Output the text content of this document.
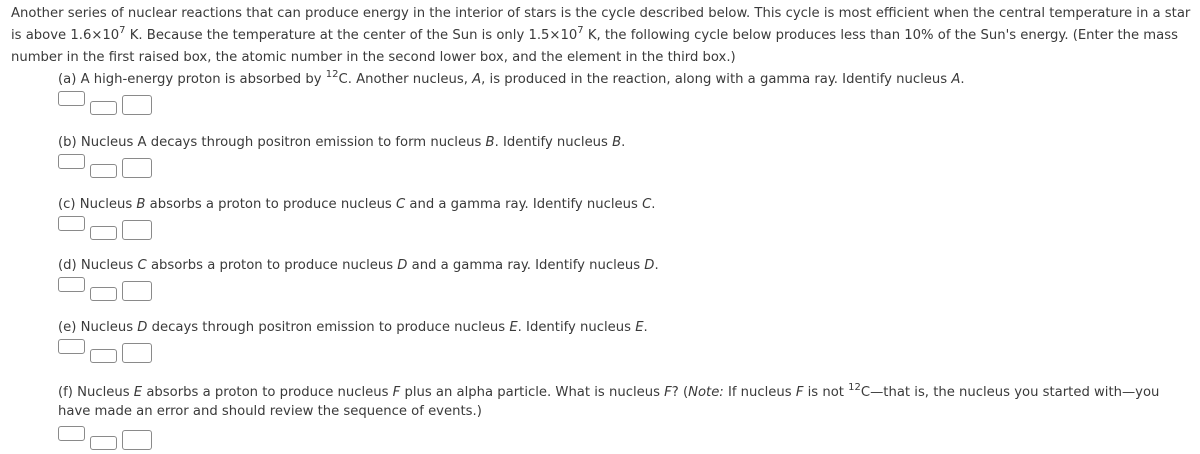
Another series of nuclear reactions that can produce energy in the interior of stars is the cycle described below. This cycle is most efficient when the central temperature in a star is above $1.6\times 10^7$ K. Because the temperature at the center of the Sun is only $1.5\times 10^7$ K, the following cycle below produces less than 10% of the Sun's energy. (Enter the mass number in the first raised box, the atomic number in the second lower box, and the element in the third box.)

(a) A high-energy proton is absorbed by $^{12}$C. Another nucleus, A, is produced in the reaction, along with a gamma ray. Identify nucleus A.

(b) Nucleus A decays through positron emission to form nucleus B. Identify nucleus B.

(c) Nucleus B absorbs a proton to produce nucleus C and a gamma ray. Identify nucleus C.

(d) Nucleus C absorbs a proton to produce nucleus D and a gamma ray. Identify nucleus D.

(e) Nucleus D decays through positron emission to produce nucleus E. Identify nucleus E.

(f) Nucleus E absorbs a proton to produce nucleus F plus an alpha particle. What is nucleus F? (Note: If nucleus F is not $^{12}$C—that is, the nucleus you started with—you have made an error and should review the sequence of events.)
